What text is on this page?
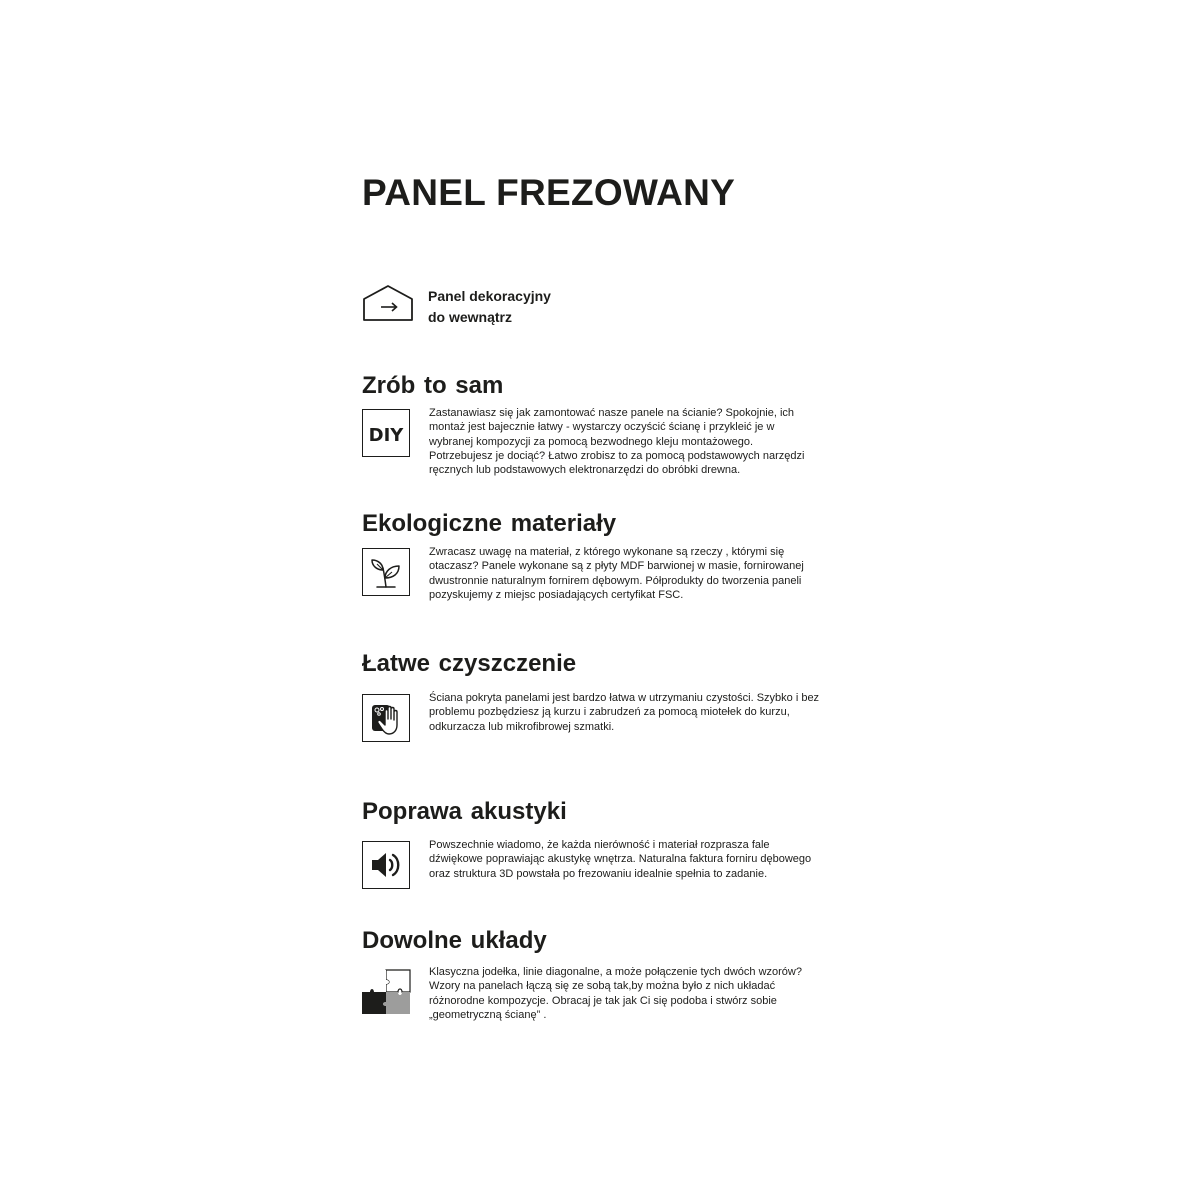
PANEL FREZOWANY
Panel dekoracyjny
do wewnątrz
Zrób to sam
DIY
Zastanawiasz się jak zamontować nasze panele na ścianie? Spokojnie, ich
montaż jest bajecznie łatwy - wystarczy oczyścić ścianę i przykleić je w
wybranej kompozycji za pomocą bezwodnego kleju montażowego.
Potrzebujesz je dociąć? Łatwo zrobisz to za pomocą podstawowych narzędzi
ręcznych lub podstawowych elektronarzędzi do obróbki drewna.
Ekologiczne materiały
Zwracasz uwagę na materiał, z którego wykonane są rzeczy , którymi się
otaczasz? Panele wykonane są z płyty MDF barwionej w masie, fornirowanej
dwustronnie naturalnym fornirem dębowym. Półprodukty do tworzenia paneli
pozyskujemy z miejsc posiadających certyfikat FSC.
Łatwe czyszczenie
Ściana pokryta panelami jest bardzo łatwa w utrzymaniu czystości. Szybko i bez
problemu pozbędziesz ją kurzu i zabrudzeń za pomocą miotełek do kurzu,
odkurzacza lub mikrofibrowej szmatki.
Poprawa akustyki
Powszechnie wiadomo, że każda nierówność i materiał rozprasza fale
dźwiękowe poprawiając akustykę wnętrza. Naturalna faktura forniru dębowego
oraz struktura 3D powstała po frezowaniu idealnie spełnia to zadanie.
Dowolne układy
Klasyczna jodełka, linie diagonalne, a może połączenie tych dwóch wzorów?
Wzory na panelach łączą się ze sobą tak,by można było z nich układać
różnorodne kompozycje. Obracaj je tak jak Ci się podoba i stwórz sobie
„geometryczną ścianę” .
